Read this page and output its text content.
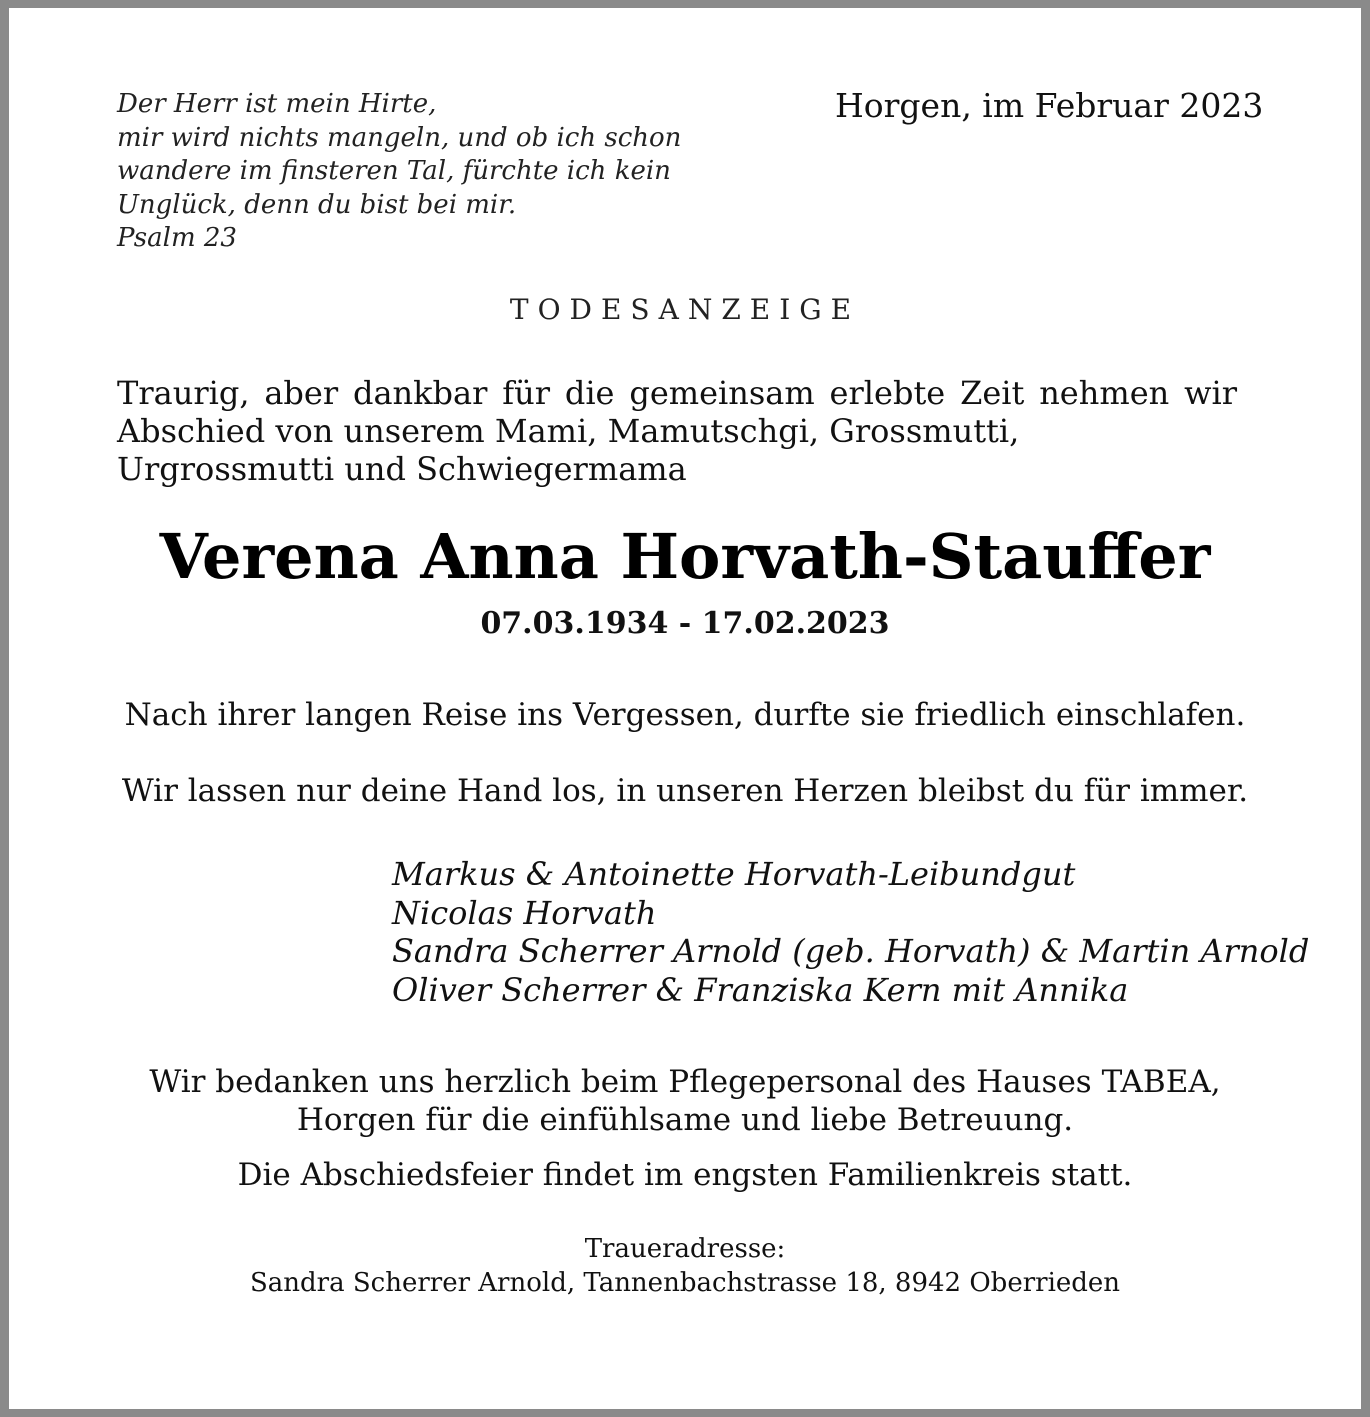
Der Herr ist mein Hirte,
mir wird nichts mangeln, und ob ich schon
wandere im finsteren Tal, fürchte ich kein
Unglück, denn du bist bei mir.
Psalm 23
Horgen, im Februar 2023
TODESANZEIGE
Traurig, aber dankbar für die gemeinsam erlebte Zeit nehmen wir
Abschied von unserem Mami, Mamutschgi, Grossmutti,
Urgrossmutti und Schwiegermama
Verena Anna Horvath-Stauffer
07.03.1934 - 17.02.2023
Nach ihrer langen Reise ins Vergessen, durfte sie friedlich einschlafen.
Wir lassen nur deine Hand los, in unseren Herzen bleibst du für immer.
Markus & Antoinette Horvath-Leibundgut
Nicolas Horvath
Sandra Scherrer Arnold (geb. Horvath) & Martin Arnold
Oliver Scherrer & Franziska Kern mit Annika
Wir bedanken uns herzlich beim Pflegepersonal des Hauses TABEA,
Horgen für die einfühlsame und liebe Betreuung.
Die Abschiedsfeier findet im engsten Familienkreis statt.
Traueradresse:
Sandra Scherrer Arnold, Tannenbachstrasse 18, 8942 Oberrieden
